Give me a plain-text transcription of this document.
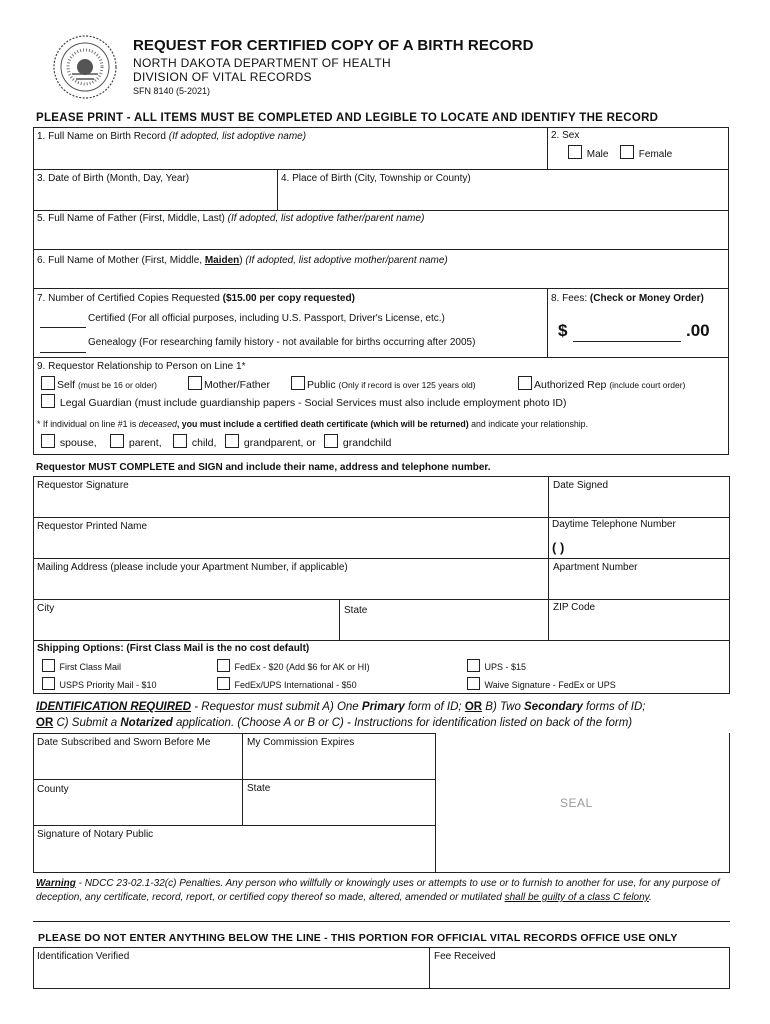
REQUEST FOR CERTIFIED COPY OF A BIRTH RECORD
NORTH DAKOTA DEPARTMENT OF HEALTH
DIVISION OF VITAL RECORDS
SFN 8140 (5-2021)
PLEASE PRINT - ALL ITEMS MUST BE COMPLETED AND LEGIBLE TO LOCATE AND IDENTIFY THE RECORD
1. Full Name on Birth Record (If adopted, list adoptive name)	2. Sex
Male	Female
3. Date of Birth (Month, Day, Year)	4. Place of Birth (City, Township or County)
5. Full Name of Father (First, Middle, Last) (If adopted, list adoptive father/parent name)
6. Full Name of Mother (First, Middle, Maiden) (If adopted, list adoptive mother/parent name)
7. Number of Certified Copies Requested ($15.00 per copy requested)
Certified (For all official purposes, including U.S. Passport, Driver's License, etc.)
Genealogy (For researching family history - not available for births occurring after 2005)
8. Fees: (Check or Money Order)
$	.00
9. Requestor Relationship to Person on Line 1*
Self (must be 16 or older)	Mother/Father	Public (Only if record is over 125 years old)	Authorized Rep (include court order)
Legal Guardian (must include guardianship papers - Social Services must also include employment photo ID)
* If individual on line #1 is deceased, you must include a certified death certificate (which will be returned) and indicate your relationship.
spouse,	parent,	child,	grandparent, or	grandchild
Requestor MUST COMPLETE and SIGN and include their name, address and telephone number.
Requestor Signature	Date Signed
Requestor Printed Name	Daytime Telephone Number
( )
Mailing Address (please include your Apartment Number, if applicable)	Apartment Number
City	State	ZIP Code
Shipping Options: (First Class Mail is the no cost default)
First Class Mail	FedEx - $20 (Add $6 for AK or HI)	UPS - $15
USPS Priority Mail - $10	FedEx/UPS International - $50	Waive Signature - FedEx or UPS
IDENTIFICATION REQUIRED - Requestor must submit A) One Primary form of ID; OR B) Two Secondary forms of ID;
OR C) Submit a Notarized application. (Choose A or B or C) - Instructions for identification listed on back of the form)
Date Subscribed and Sworn Before Me	My Commission Expires
County	State
Signature of Notary Public
SEAL
Warning - NDCC 23-02.1-32(c) Penalties. Any person who willfully or knowingly uses or attempts to use or to furnish to another for use, for any purpose of deception, any certificate, record, report, or certified copy thereof so made, altered, amended or mutilated shall be guilty of a class C felony.
PLEASE DO NOT ENTER ANYTHING BELOW THE LINE - THIS PORTION FOR OFFICIAL VITAL RECORDS OFFICE USE ONLY
Identification Verified	Fee Received
